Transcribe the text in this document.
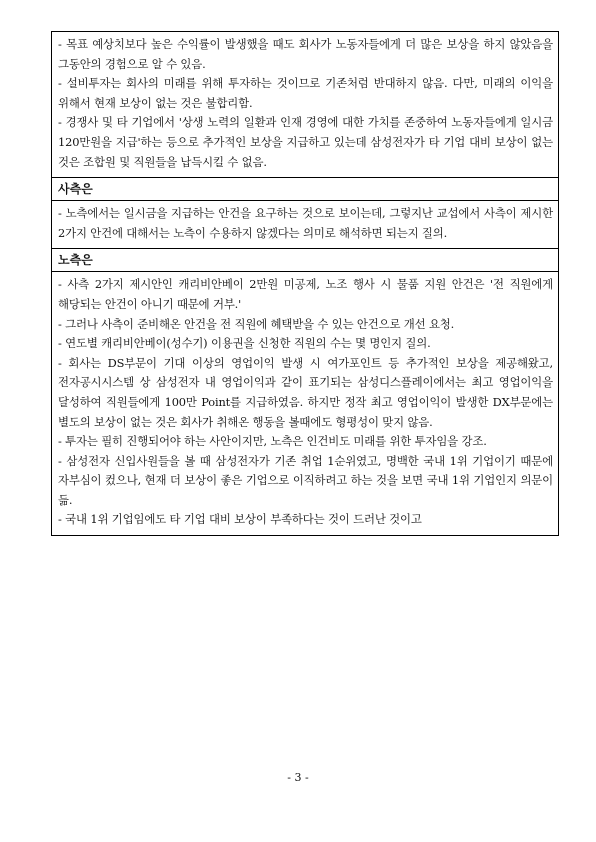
- 목표 예상치보다 높은 수익률이 발생했을 때도 회사가 노동자들에게 더 많은 보상을 하지 않았음을 그동안의 경험으로 알 수 있음.

- 설비투자는 회사의 미래를 위해 투자하는 것이므로 기존처럼 반대하지 않음. 다만, 미래의 이익을 위해서 현재 보상이 없는 것은 불합리함.

- 경쟁사 및 타 기업에서 '상생 노력의 일환과 인재 경영에 대한 가치를 존중하여 노동자들에게 일시금 120만원을 지급'하는 등으로 추가적인 보상을 지급하고 있는데 삼성전자가 타 기업 대비 보상이 없는 것은 조합원 및 직원들을 납득시킬 수 없음.

사측은

- 노측에서는 일시금을 지급하는 안건을 요구하는 것으로 보이는데, 그렇지난 교섭에서 사측이 제시한 2가지 안건에 대해서는 노측이 수용하지 않겠다는 의미로 해석하면 되는지 질의.

노측은

- 사측 2가지 제시안인 캐리비안베이 2만원 미공제, 노조 행사 시 물품 지원 안건은 '전 직원에게 해당되는 안건이 아니기 때문에 거부.'

- 그러나 사측이 준비해온 안건을 전 직원에 혜택받을 수 있는 안건으로 개선 요청.

- 연도별 캐리비안베이(성수기) 이용권을 신청한 직원의 수는 몇 명인지 질의.

- 회사는 DS부문이 기대 이상의 영업이익 발생 시 여가포인트 등 추가적인 보상을 제공해왔고, 전자공시시스템 상 삼성전자 내 영업이익과 같이 표기되는 삼성디스플레이에서는 최고 영업이익을 달성하여 직원들에게 100만 Point를 지급하였음. 하지만 정작 최고 영업이익이 발생한 DX부문에는 별도의 보상이 없는 것은 회사가 취해온 행동을 볼때에도 형평성이 맞지 않음.

- 투자는 필히 진행되어야 하는 사안이지만, 노측은 인건비도 미래를 위한 투자임을 강조.

- 삼성전자 신입사원들을 볼 때 삼성전자가 기존 취업 1순위였고, 명백한 국내 1위 기업이기 때문에 자부심이 컸으나, 현재 더 보상이 좋은 기업으로 이직하려고 하는 것을 보면 국내 1위 기업인지 의문이 듦.

- 국내 1위 기업임에도 타 기업 대비 보상이 부족하다는 것이 드러난 것이고

- 3 -
